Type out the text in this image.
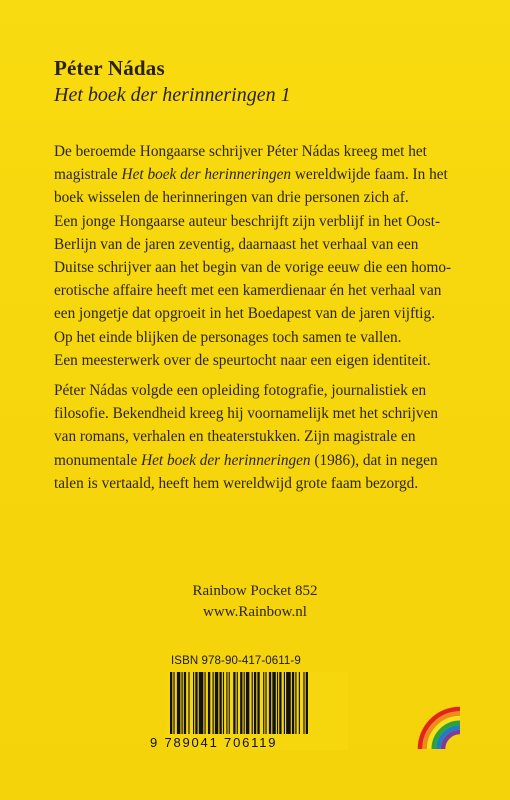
Péter Nádas
Het boek der herinneringen 1
De beroemde Hongaarse schrijver Péter Nádas kreeg met het
magistrale Het boek der herinneringen wereldwijde faam. In het
boek wisselen de herinneringen van drie personen zich af.
Een jonge Hongaarse auteur beschrijft zijn verblijf in het Oost-
Berlijn van de jaren zeventig, daarnaast het verhaal van een
Duitse schrijver aan het begin van de vorige eeuw die een homo-
erotische affaire heeft met een kamerdienaar én het verhaal van
een jongetje dat opgroeit in het Boedapest van de jaren vijftig.
Op het einde blijken de personages toch samen te vallen.
Een meesterwerk over de speurtocht naar een eigen identiteit.
Péter Nádas volgde een opleiding fotografie, journalistiek en
filosofie. Bekendheid kreeg hij voornamelijk met het schrijven
van romans, verhalen en theaterstukken. Zijn magistrale en
monumentale Het boek der herinneringen (1986), dat in negen
talen is vertaald, heeft hem wereldwijd grote faam bezorgd.
Rainbow Pocket 852
www.Rainbow.nl
ISBN 978-90-417-0611-9
9 789041 706119
